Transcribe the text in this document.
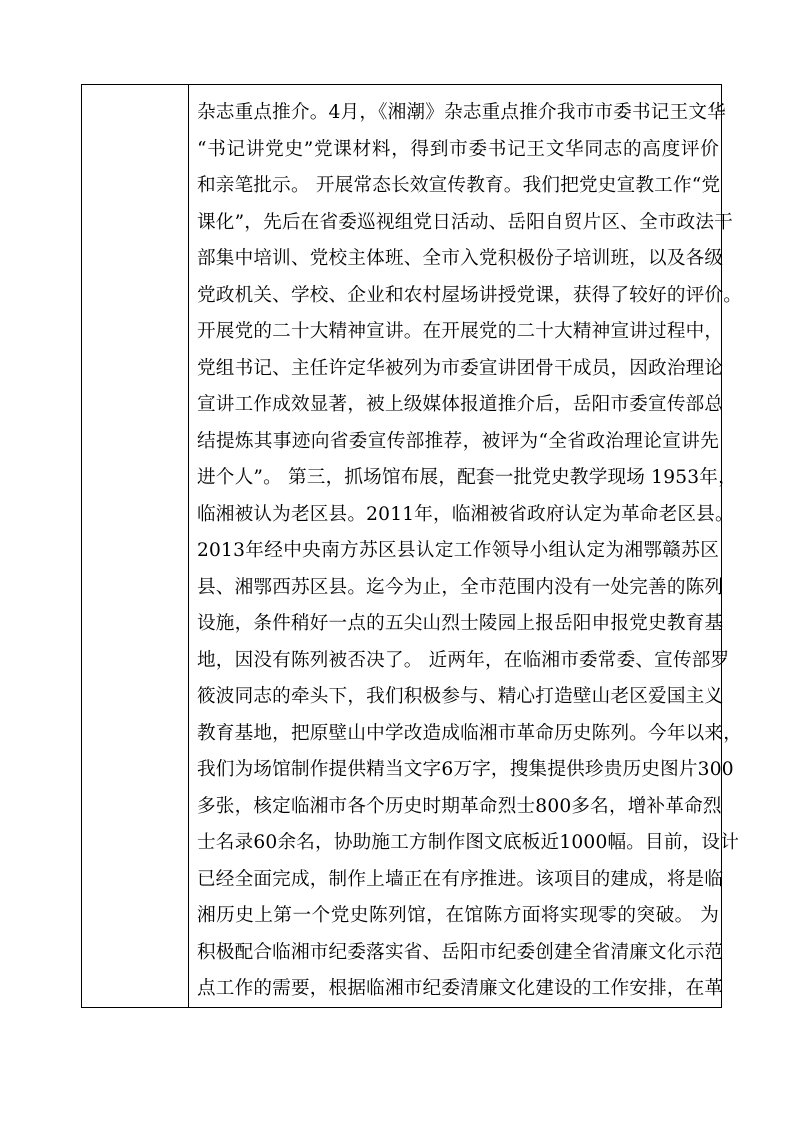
杂志重点推介。4月，《湘潮》杂志重点推介我市市委书记王文华
“书记讲党史”党课材料，得到市委书记王文华同志的高度评价
和亲笔批示。 开展常态长效宣传教育。我们把党史宣教工作“党
课化”，先后在省委巡视组党日活动、岳阳自贸片区、全市政法干
部集中培训、党校主体班、全市入党积极份子培训班，以及各级
党政机关、学校、企业和农村屋场讲授党课，获得了较好的评价。
开展党的二十大精神宣讲。在开展党的二十大精神宣讲过程中，
党组书记、主任许定华被列为市委宣讲团骨干成员，因政治理论
宣讲工作成效显著，被上级媒体报道推介后，岳阳市委宣传部总
结提炼其事迹向省委宣传部推荐，被评为“全省政治理论宣讲先
进个人”。 第三，抓场馆布展，配套一批党史教学现场 1953年，
临湘被认为老区县。2011年，临湘被省政府认定为革命老区县。
2013年经中央南方苏区县认定工作领导小组认定为湘鄂赣苏区
县、湘鄂西苏区县。迄今为止，全市范围内没有一处完善的陈列
设施，条件稍好一点的五尖山烈士陵园上报岳阳申报党史教育基
地，因没有陈列被否决了。 近两年，在临湘市委常委、宣传部罗
筱波同志的牵头下，我们积极参与、精心打造壁山老区爱国主义
教育基地，把原壁山中学改造成临湘市革命历史陈列。今年以来，
我们为场馆制作提供精当文字6万字，搜集提供珍贵历史图片300
多张，核定临湘市各个历史时期革命烈士800多名，增补革命烈
士名录60余名，协助施工方制作图文底板近1000幅。目前，设计
已经全面完成，制作上墙正在有序推进。该项目的建成，将是临
湘历史上第一个党史陈列馆，在馆陈方面将实现零的突破。 为
积极配合临湘市纪委落实省、岳阳市纪委创建全省清廉文化示范
点工作的需要，根据临湘市纪委清廉文化建设的工作安排，在革
